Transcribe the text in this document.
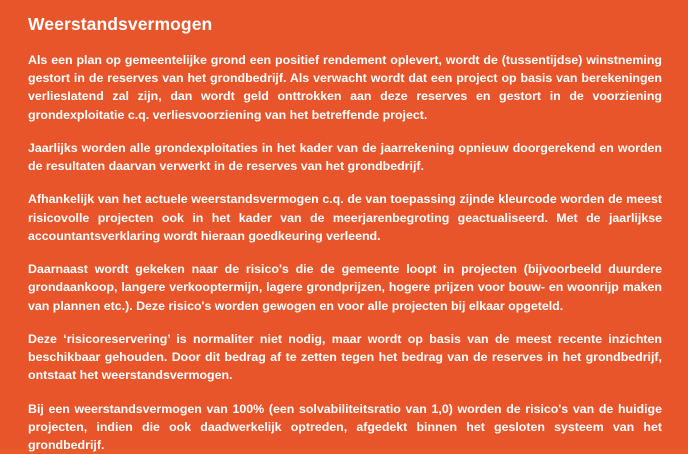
Weerstandsvermogen

Als een plan op gemeentelijke grond een positief rendement oplevert, wordt de (tussentijdse) winstneming gestort in de reserves van het grondbedrijf. Als verwacht wordt dat een project op basis van berekeningen verliesIatend zal zijn, dan wordt geld onttrokken aan deze reserves en gestort in de voorziening grondexploitatie c.q. verliesvoorziening van het betreffende project.

Jaarlijks worden alle grondexploitaties in het kader van de jaarrekening opnieuw doorgerekend en worden de resultaten daarvan verwerkt in de reserves van het grondbedrijf.

Afhankelijk van het actuele weerstandsvermogen c.q. de van toepassing zijnde kleurcode worden de meest risicovolle projecten ook in het kader van de meerjarenbegroting geactualiseerd. Met de jaarlijkse accountantsverklaring wordt hieraan goedkeuring verleend.

Daarnaast wordt gekeken naar de risico's die de gemeente loopt in projecten (bijvoorbeeld duurdere grondaankoop, langere verkooptermijn, lagere grondprijzen, hogere prijzen voor bouw- en woonrijp maken van plannen etc.). Deze risico's worden gewogen en voor alle projecten bij elkaar opgeteld.

Deze ‘risicoreservering’ is normaliter niet nodig, maar wordt op basis van de meest recente inzichten beschikbaar gehouden. Door dit bedrag af te zetten tegen het bedrag van de reserves in het grondbedrijf, ontstaat het weerstandsvermogen.

Bij een weerstandsvermogen van 100% (een solvabiliteitsratio van 1,0) worden de risico's van de huidige projecten, indien die ook daadwerkelijk optreden, afgedekt binnen het gesloten systeem van het grondbedrijf.
